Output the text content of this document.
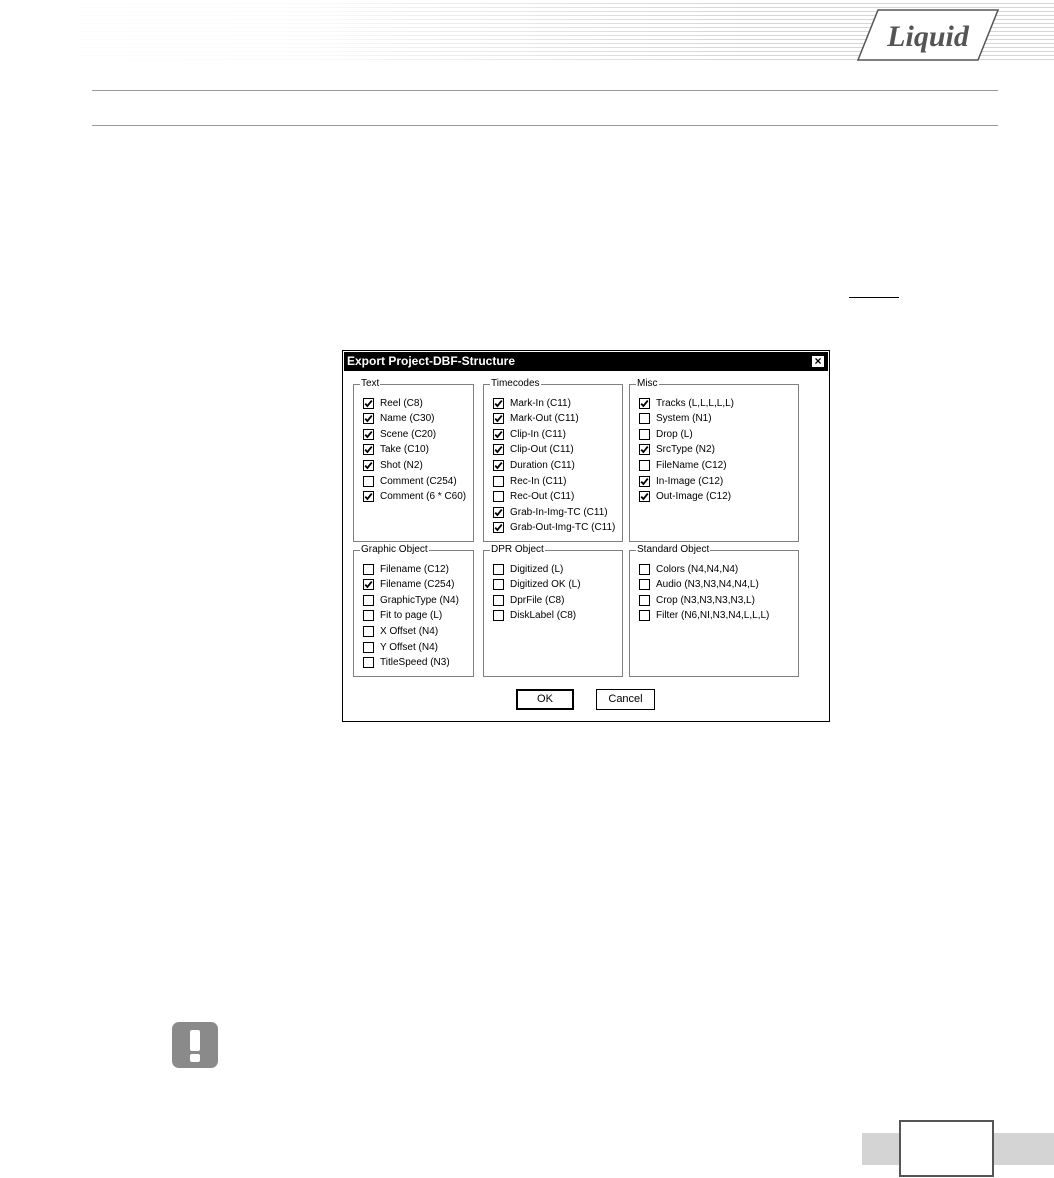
Liquid
Export Project-DBF-Structure	×
Text
Reel (C8)
Name (C30)
Scene (C20)
Take (C10)
Shot (N2)
Comment (C254)
Comment (6 * C60)
Timecodes
Mark-In (C11)
Mark-Out (C11)
Clip-In (C11)
Clip-Out (C11)
Duration (C11)
Rec-In (C11)
Rec-Out (C11)
Grab-In-Img-TC (C11)
Grab-Out-Img-TC (C11)
Misc
Tracks (L,L,L,L,L)
System (N1)
Drop (L)
SrcType (N2)
FileName (C12)
In-Image (C12)
Out-Image (C12)
Graphic Object
Filename (C12)
Filename (C254)
GraphicType (N4)
Fit to page (L)
X Offset (N4)
Y Offset (N4)
TitleSpeed (N3)
DPR Object
Digitized (L)
Digitized OK (L)
DprFile (C8)
DiskLabel (C8)
Standard Object
Colors (N4,N4,N4)
Audio (N3,N3,N4,N4,L)
Crop (N3,N3,N3,N3,L)
Filter (N6,NI,N3,N4,L,L,L)
OK	Cancel
